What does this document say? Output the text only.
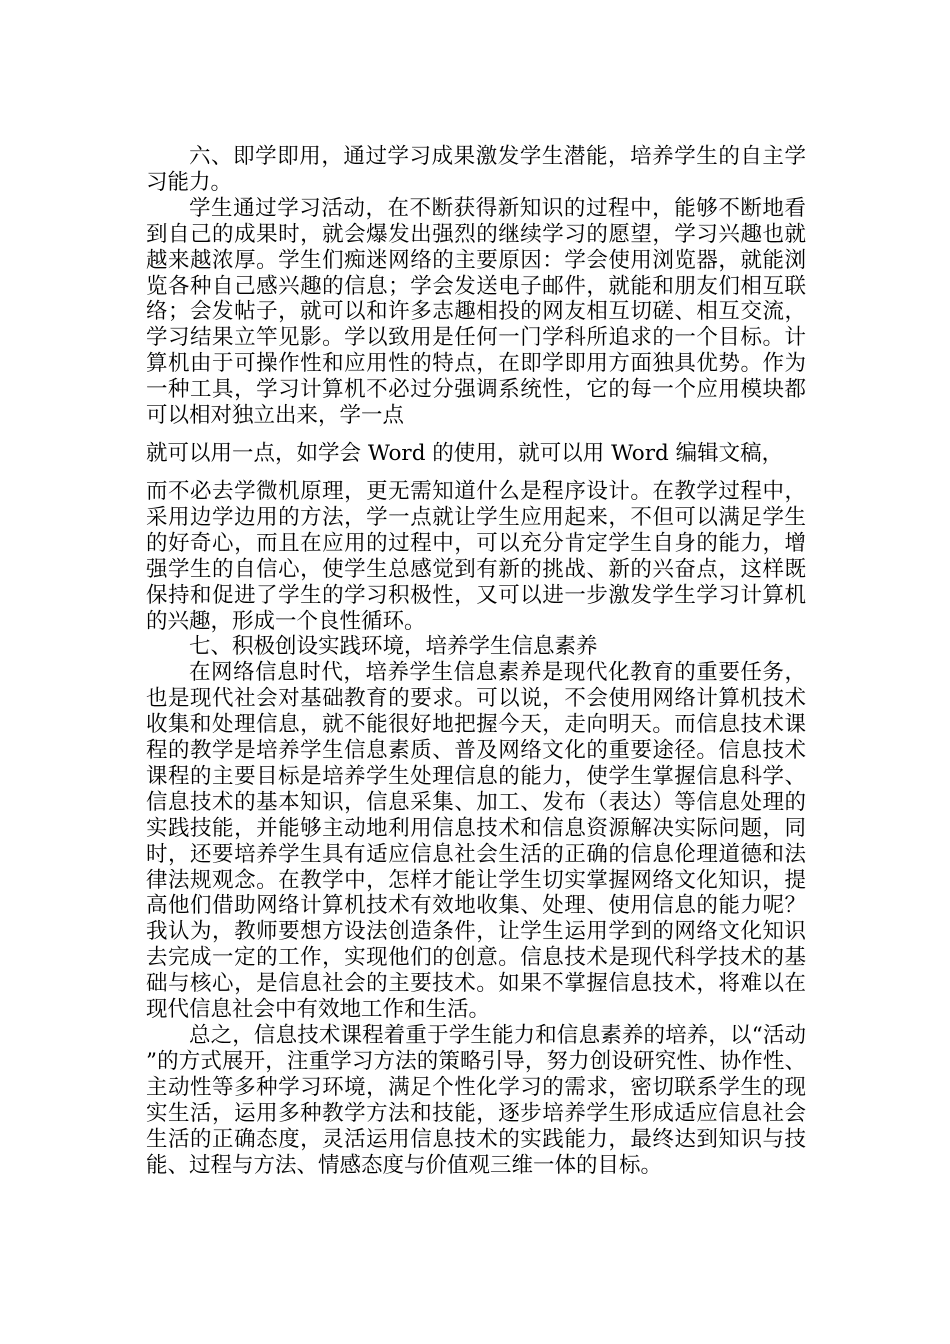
六、即学即用，通过学习成果激发学生潜能，培养学生的自主学习能力。

学生通过学习活动，在不断获得新知识的过程中，能够不断地看到自己的成果时，就会爆发出强烈的继续学习的愿望，学习兴趣也就越来越浓厚。学生们痴迷网络的主要原因：学会使用浏览器，就能浏览各种自己感兴趣的信息；学会发送电子邮件，就能和朋友们相互联络；会发帖子，就可以和许多志趣相投的网友相互切磋、相互交流，学习结果立竿见影。学以致用是任何一门学科所追求的一个目标。计算机由于可操作性和应用性的特点，在即学即用方面独具优势。作为一种工具，学习计算机不必过分强调系统性，它的每一个应用模块都可以相对独立出来，学一点
就可以用一点，如学会 Word 的使用，就可以用 Word 编辑文稿，
而不必去学微机原理，更无需知道什么是程序设计。在教学过程中，采用边学边用的方法，学一点就让学生应用起来，不但可以满足学生的好奇心，而且在应用的过程中，可以充分肯定学生自身的能力，增强学生的自信心，使学生总感觉到有新的挑战、新的兴奋点，这样既保持和促进了学生的学习积极性，又可以进一步激发学生学习计算机的兴趣，形成一个良性循环。

七、积极创设实践环境，培养学生信息素养

在网络信息时代，培养学生信息素养是现代化教育的重要任务，也是现代社会对基础教育的要求。可以说，不会使用网络计算机技术收集和处理信息，就不能很好地把握今天，走向明天。而信息技术课程的教学是培养学生信息素质、普及网络文化的重要途径。信息技术课程的主要目标是培养学生处理信息的能力，使学生掌握信息科学、信息技术的基本知识，信息采集、加工、发布（表达）等信息处理的实践技能，并能够主动地利用信息技术和信息资源解决实际问题，同时，还要培养学生具有适应信息社会生活的正确的信息伦理道德和法律法规观念。在教学中，怎样才能让学生切实掌握网络文化知识，提高他们借助网络计算机技术有效地收集、处理、使用信息的能力呢？我认为，教师要想方设法创造条件，让学生运用学到的网络文化知识去完成一定的工作，实现他们的创意。信息技术是现代科学技术的基础与核心，是信息社会的主要技术。如果不掌握信息技术，将难以在现代信息社会中有效地工作和生活。

总之，信息技术课程着重于学生能力和信息素养的培养，以“活动”的方式展开，注重学习方法的策略引导，努力创设研究性、协作性、主动性等多种学习环境，满足个性化学习的需求，密切联系学生的现实生活，运用多种教学方法和技能，逐步培养学生形成适应信息社会生活的正确态度，灵活运用信息技术的实践能力，最终达到知识与技能、过程与方法、情感态度与价值观三维一体的目标。
